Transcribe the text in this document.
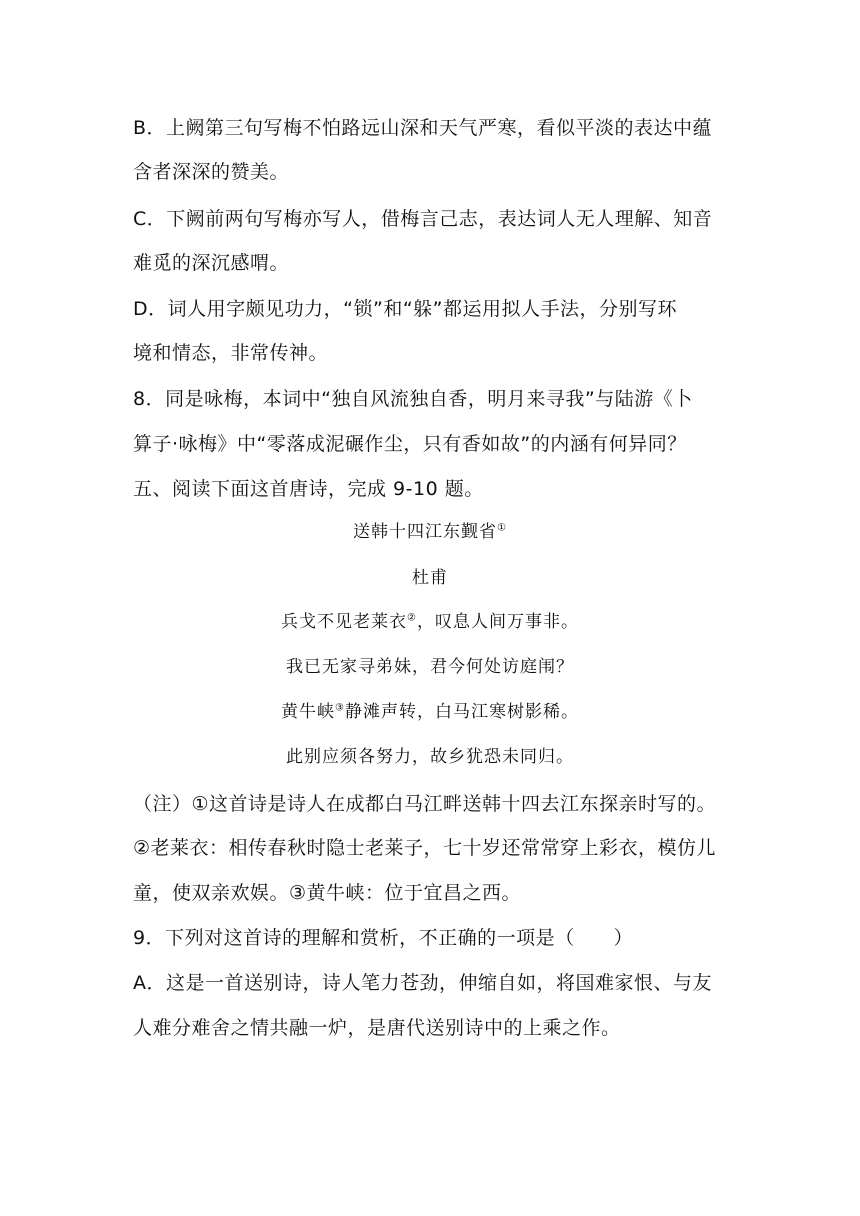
B．上阙第三句写梅不怕路远山深和天气严寒，看似平淡的表达中蕴
含者深深的赞美。
C．下阙前两句写梅亦写人，借梅言己志，表达词人无人理解、知音
难觅的深沉感喟。
D．词人用字颇见功力，“锁”和“躲”都运用拟人手法，分别写环
境和情态，非常传神。
8．同是咏梅，本词中“独自风流独自香，明月来寻我”与陆游《卜
算子·咏梅》中“零落成泥碾作尘，只有香如故”的内涵有何异同？
五、阅读下面这首唐诗，完成 9-10 题。
送韩十四江东觐省①
杜甫
兵戈不见老莱衣②，叹息人间万事非。
我已无家寻弟妹，君今何处访庭闱？
黄牛峡③静滩声转，白马江寒树影稀。
此别应须各努力，故乡犹恐未同归。
（注）①这首诗是诗人在成都白马江畔送韩十四去江东探亲时写的。
②老莱衣：相传春秋时隐士老莱子，七十岁还常常穿上彩衣，模仿儿
童，使双亲欢娱。③黄牛峡：位于宜昌之西。
9．下列对这首诗的理解和赏析，不正确的一项是（　　）
A．这是一首送别诗，诗人笔力苍劲，伸缩自如，将国难家恨、与友
人难分难舍之情共融一炉，是唐代送别诗中的上乘之作。
